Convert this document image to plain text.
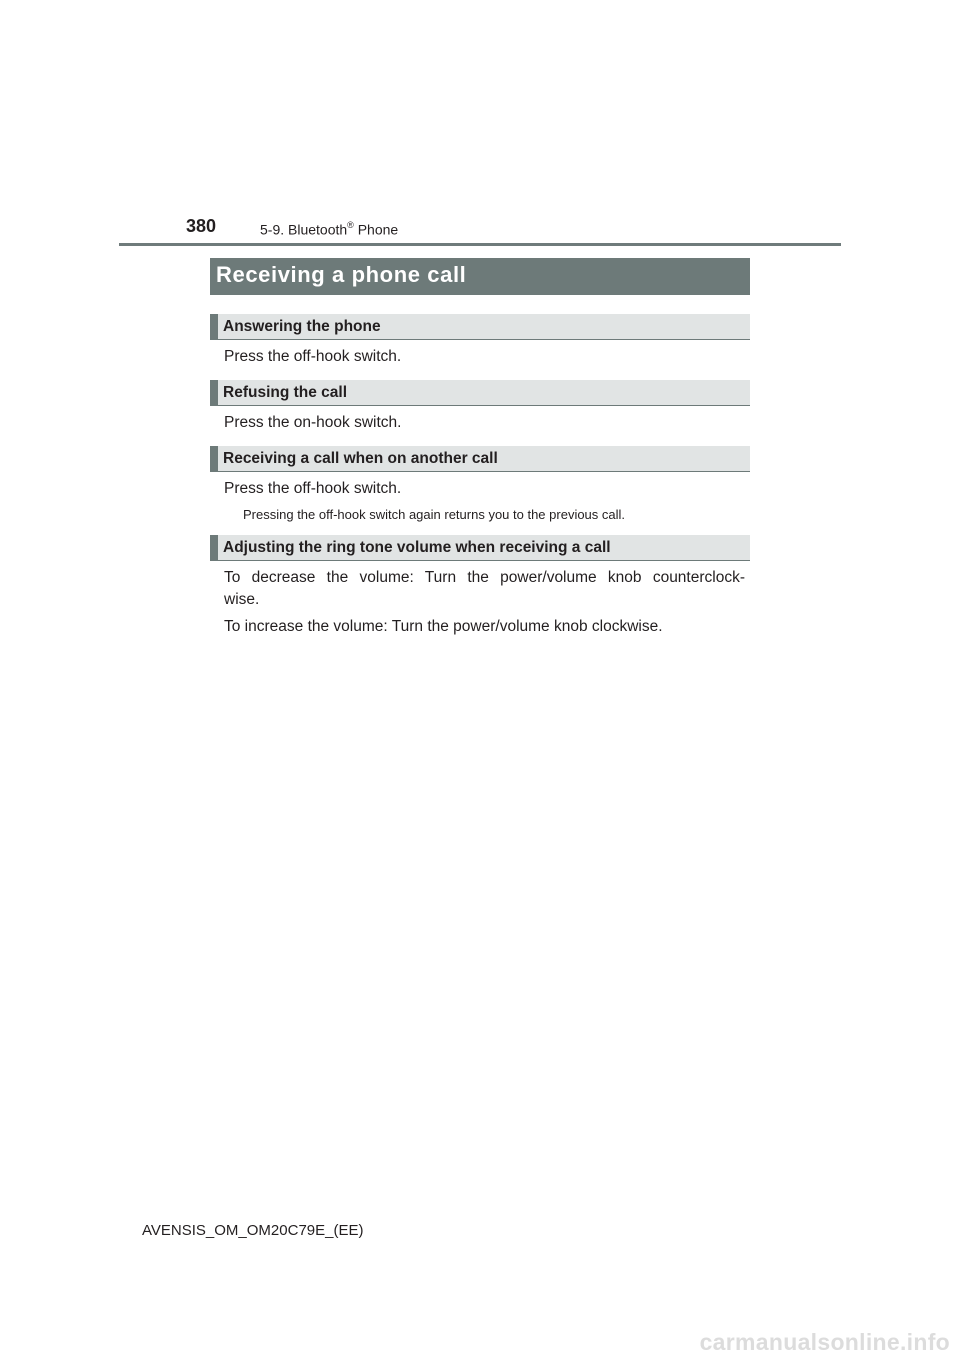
380	5-9. Bluetooth® Phone
Receiving a phone call
Answering the phone
Press the off-hook switch.
Refusing the call
Press the on-hook switch.
Receiving a call when on another call
Press the off-hook switch.
Pressing the off-hook switch again returns you to the previous call.
Adjusting the ring tone volume when receiving a call
To decrease the volume: Turn the power/volume knob counterclock-
wise.
To increase the volume: Turn the power/volume knob clockwise.
AVENSIS_OM_OM20C79E_(EE)
carmanualsonline.info
